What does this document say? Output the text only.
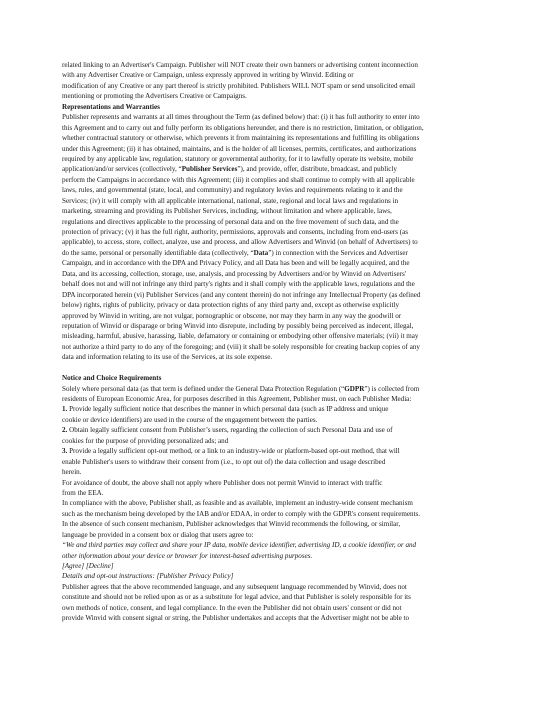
related linking to an Advertiser's Campaign. Publisher will NOT create their own banners or advertising content inconnection
with any Advertiser Creative or Campaign, unless expressly approved in writing by Winvid. Editing or
modification of any Creative or any part thereof is strictly prohibited. Publishers WILL NOT spam or send unsolicited email
mentioning or promoting the Advertisers Creative or Campaigns.
Representations and Warranties
Publisher represents and warrants at all times throughout the Term (as defined below) that: (i) it has full authority to enter into
this Agreement and to carry out and fully perform its obligations hereunder, and there is no restriction, limitation, or obligation,
whether contractual statutory or otherwise, which prevents it from maintaining its representations and fulfilling its obligations
under this Agreement; (ii) it has obtained, maintains, and is the holder of all licenses, permits, certificates, and authorizations
required by any applicable law, regulation, statutory or governmental authority, for it to lawfully operate its website, mobile
application/and/or services (collectively, “Publisher Services”), and provide, offer, distribute, broadcast, and publicly
perform the Campaigns in accordance with this Agreement; (iii) it complies and shall continue to comply with all applicable
laws, rules, and governmental (state, local, and community) and regulatory levies and requirements relating to it and the
Services; (iv) it will comply with all applicable international, national, state, regional and local laws and regulations in
marketing, streaming and providing its Publisher Services, including, without limitation and where applicable, laws,
regulations and directives applicable to the processing of personal data and on the free movement of such data, and the
protection of privacy; (v) it has the full right, authority, permissions, approvals and consents, including from end-users (as
applicable), to access, store, collect, analyze, use and process, and allow Advertisers and Winvid (on behalf of Advertisers) to
do the same, personal or personally identifiable data (collectively, “Data”) in connection with the Services and Advertiser
Campaign, and in accordance with the DPA and Privacy Policy, and all Data has been and will be legally acquired, and the
Data, and its accessing, collection, storage, use, analysis, and processing by Advertisers and/or by Winvid on Advertisers'
behalf does not and will not infringe any third party's rights and it shall comply with the applicable laws, regulations and the
DPA incorporated herein (vi) Publisher Services (and any content therein) do not infringe any Intellectual Property (as defined
below) rights, rights of publicity, privacy or data protection rights of any third party and, except as otherwise explicitly
approved by Winvid in writing, are not vulgar, pornographic or obscene, nor may they harm in any way the goodwill or
reputation of Winvid or disparage or bring Winvid into disrepute, including by possibly being perceived as indecent, illegal,
misleading, harmful, abusive, harassing, liable, defamatory or containing or embodying other offensive materials; (vii) it may
not authorize a third party to do any of the foregoing; and (viii) it shall be solely responsible for creating backup copies of any
data and information relating to its use of the Services, at its sole expense.
Notice and Choice Requirements
Solely where personal data (as that term is defined under the General Data Protection Regulation (“GDPR”) is collected from
residents of European Economic Area, for purposes described in this Agreement, Publisher must, on each Publisher Media:
1. Provide legally sufficient notice that describes the manner in which personal data (such as IP address and unique
cookie or device identifiers) are used in the course of the engagement between the parties.
2. Obtain legally sufficient consent from Publisher’s users, regarding the collection of such Personal Data and use of
cookies for the purpose of providing personalized ads; and
3. Provide a legally sufficient opt-out method, or a link to an industry-wide or platform-based opt-out method, that will
enable Publisher's users to withdraw their consent from (i.e., to opt out of) the data collection and usage described
herein.
For avoidance of doubt, the above shall not apply where Publisher does not permit Winvid to interact with traffic
from the EEA.
In compliance with the above, Publisher shall, as feasible and as available, implement an industry-wide consent mechanism
such as the mechanism being developed by the IAB and/or EDAA, in order to comply with the GDPR's consent requirements.
In the absence of such consent mechanism, Publisher acknowledges that Winvid recommends the following, or similar,
language be provided in a consent box or dialog that users agree to:
“We and third parties may collect and share your IP data, mobile device identifier, advertising ID, a cookie identifier, or and
other information about your device or browser for interest-based advertising purposes.
[Agree] [Decline]
Details and opt-out instructions: [Publisher Privacy Policy]
Publisher agrees that the above recommended language, and any subsequent language recommended by Winvid, does not
constitute and should not be relied upon as or as a substitute for legal advice, and that Publisher is solely responsible for its
own methods of notice, consent, and legal compliance. In the even the Publisher did not obtain users' consent or did not
provide Winvid with consent signal or string, the Publisher undertakes and accepts that the Advertiser might not be able to
